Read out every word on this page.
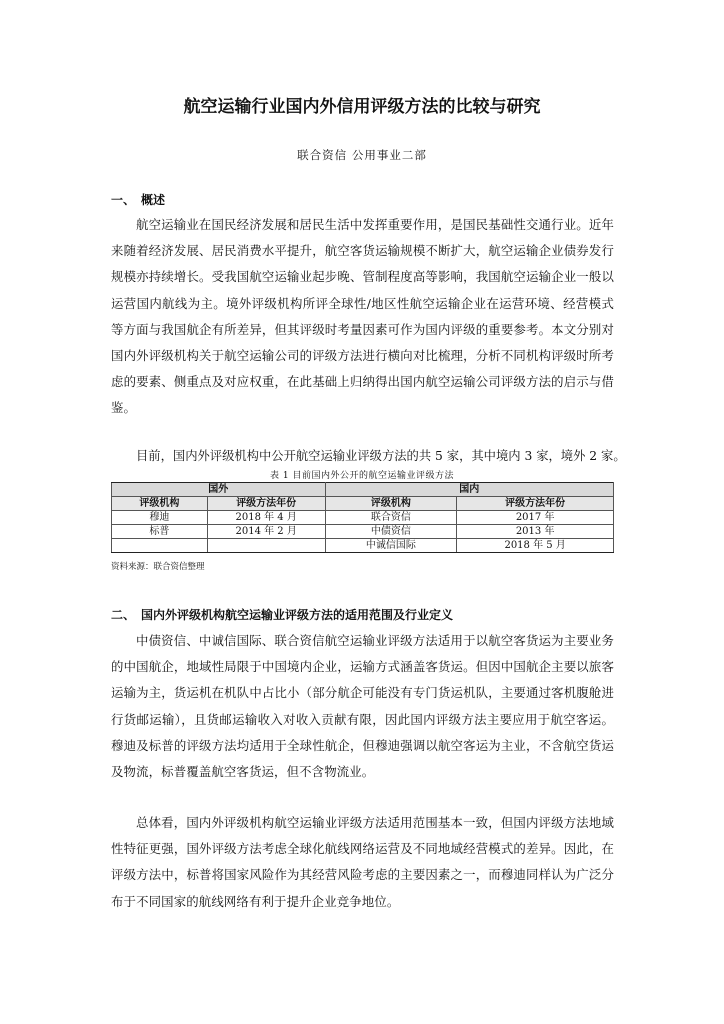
航空运输行业国内外信用评级方法的比较与研究
联合资信 公用事业二部
一、 概述

航空运输业在国民经济发展和居民生活中发挥重要作用，是国民基础性交通行业。近年来随着经济发展、居民消费水平提升，航空客货运输规模不断扩大，航空运输企业债券发行规模亦持续增长。受我国航空运输业起步晚、管制程度高等影响，我国航空运输企业一般以运营国内航线为主。境外评级机构所评全球性/地区性航空运输企业在运营环境、经营模式等方面与我国航企有所差异，但其评级时考量因素可作为国内评级的重要参考。本文分别对国内外评级机构关于航空运输公司的评级方法进行横向对比梳理，分析不同机构评级时所考虑的要素、侧重点及对应权重，在此基础上归纳得出国内航空运输公司评级方法的启示与借鉴。

目前，国内外评级机构中公开航空运输业评级方法的共 5 家，其中境内 3 家，境外 2 家。
表 1 目前国内外公开的航空运输业评级方法
国外		国内	
评级机构	评级方法年份	评级机构	评级方法年份
穆迪	2018 年 4 月	联合资信	2017 年
标普	2014 年 2 月	中债资信	2013 年
		中诚信国际	2018 年 5 月
资料来源：联合资信整理
二、 国内外评级机构航空运输业评级方法的适用范围及行业定义

中债资信、中诚信国际、联合资信航空运输业评级方法适用于以航空客货运为主要业务的中国航企，地域性局限于中国境内企业，运输方式涵盖客货运。但因中国航企主要以旅客运输为主，货运机在机队中占比小（部分航企可能没有专门货运机队，主要通过客机腹舱进行货邮运输），且货邮运输收入对收入贡献有限，因此国内评级方法主要应用于航空客运。穆迪及标普的评级方法均适用于全球性航企，但穆迪强调以航空客运为主业，不含航空货运及物流，标普覆盖航空客货运，但不含物流业。

总体看，国内外评级机构航空运输业评级方法适用范围基本一致，但国内评级方法地域性特征更强，国外评级方法考虑全球化航线网络运营及不同地域经营模式的差异。因此，在评级方法中，标普将国家风险作为其经营风险考虑的主要因素之一，而穆迪同样认为广泛分布于不同国家的航线网络有利于提升企业竞争地位。
